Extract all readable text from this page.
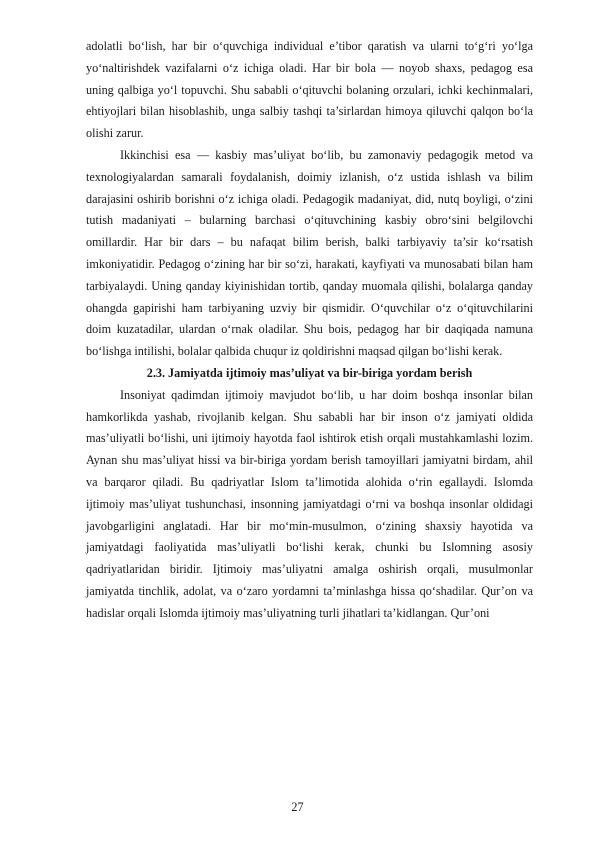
adolatli bo‘lish, har bir o‘quvchiga individual e’tibor qaratish va ularni to‘g‘ri yo‘lga yo‘naltirishdek vazifalarni o‘z ichiga oladi. Har bir bola — noyob shaxs, pedagog esa uning qalbiga yo‘l topuvchi. Shu sababli o‘qituvchi bolaning orzulari, ichki kechinmalari, ehtiyojlari bilan hisoblashib, unga salbiy tashqi ta’sirlardan himoya qiluvchi qalqon bo‘la olishi zarur.

Ikkinchisi esa — kasbiy mas’uliyat bo‘lib, bu zamonaviy pedagogik metod va texnologiyalardan samarali foydalanish, doimiy izlanish, o‘z ustida ishlash va bilim darajasini oshirib borishni o‘z ichiga oladi. Pedagogik madaniyat, did, nutq boyligi, o‘zini tutish madaniyati – bularning barchasi o‘qituvchining kasbiy obro‘sini belgilovchi omillardir. Har bir dars – bu nafaqat bilim berish, balki tarbiyaviy ta’sir ko‘rsatish imkoniyatidir. Pedagog o‘zining har bir so‘zi, harakati, kayfiyati va munosabati bilan ham tarbiyalaydi. Uning qanday kiyinishidan tortib, qanday muomala qilishi, bolalarga qanday ohangda gapirishi ham tarbiyaning uzviy bir qismidir. O‘quvchilar o‘z o‘qituvchilarini doim kuzatadilar, ulardan o‘rnak oladilar. Shu bois, pedagog har bir daqiqada namuna bo‘lishga intilishi, bolalar qalbida chuqur iz qoldirishni maqsad qilgan bo‘lishi kerak.

2.3. Jamiyatda ijtimoiy mas’uliyat va bir-biriga yordam berish

Insoniyat qadimdan ijtimoiy mavjudot bo‘lib, u har doim boshqa insonlar bilan hamkorlikda yashab, rivojlanib kelgan. Shu sababli har bir inson o‘z jamiyati oldida mas’uliyatli bo‘lishi, uni ijtimoiy hayotda faol ishtirok etish orqali mustahkamlashi lozim. Aynan shu mas’uliyat hissi va bir-biriga yordam berish tamoyillari jamiyatni birdam, ahil va barqaror qiladi. Bu qadriyatlar Islom ta’limotida alohida o‘rin egallaydi. Islomda ijtimoiy mas’uliyat tushunchasi, insonning jamiyatdagi o‘rni va boshqa insonlar oldidagi javobgarligini anglatadi. Har bir mo‘min-musulmon, o‘zining shaxsiy hayotida va jamiyatdagi faoliyatida mas’uliyatli bo‘lishi kerak, chunki bu Islomning asosiy qadriyatlaridan biridir. Ijtimoiy mas’uliyatni amalga oshirish orqali, musulmonlar jamiyatda tinchlik, adolat, va o‘zaro yordamni ta’minlashga hissa qo‘shadilar. Qur’on va hadislar orqali Islomda ijtimoiy mas’uliyatning turli jihatlari ta’kidlangan. Qur’oni

27
